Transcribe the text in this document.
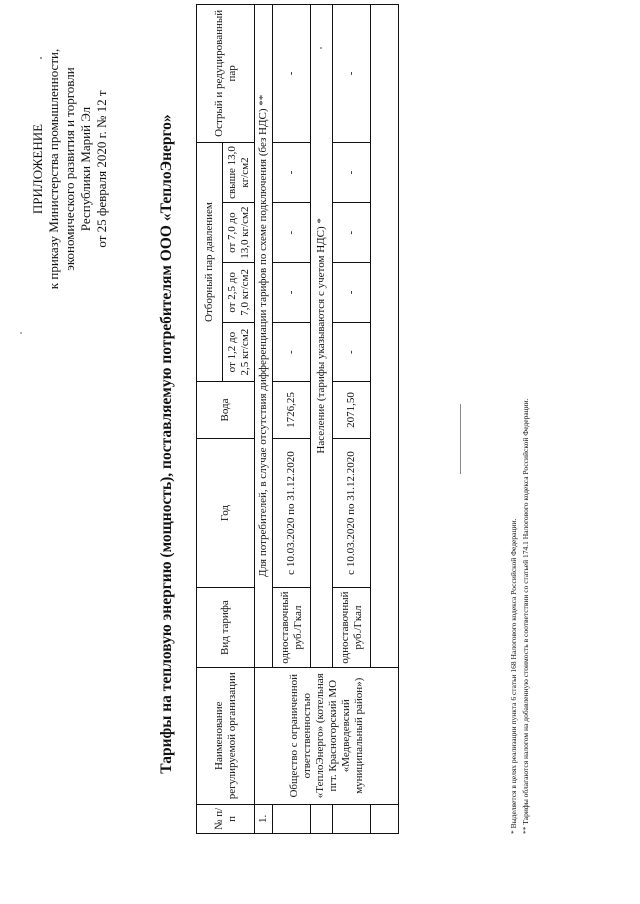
ПРИЛОЖЕНИЕ к приказу Министерства промышленности, экономического развития и торговли Республики Марий Эл от 25 февраля 2020 г. № 12 т	Тарифы на тепловую энергию (мощность), поставляемую потребителям ООО «ТеплоЭнерго»
№ п/п	Наименование регулируемой организации	Вид тарифа	Год	Вода	Отборный пар давлением				Острый и редуцированный пар
					от 1,2 до 2,5 кг/см2	от 2,5 до 7,0 кг/см2	от 7,0 до 13,0 кг/см2	свыше 13,0 кг/см2	
1.	Общество с ограниченной ответственностью «ТеплоЭнерго» (котельная пгт. Красногорский МО «Медведевский муниципальный район»)	Для потребителей, в случае отсутствия дифференциации тарифов по схеме подключения (без НДС) **							
		одноставочный руб./Гкал	с 10.03.2020 по 31.12.2020	1726,25	-	-	-	-	-
		Население (тарифы указываются с учетом НДС) *							
		одноставочный руб./Гкал	с 10.03.2020 по 31.12.2020	2071,50	-	-	-	-	-

* Выделяется в целях реализации пункта 6 статьи 168 Налогового кодекса Российской Федерации. ** Тарифы облагаются налогом на добавленную стоимость в соответствии со статьей 174.1 Налогового кодекса Российской Федерации.
